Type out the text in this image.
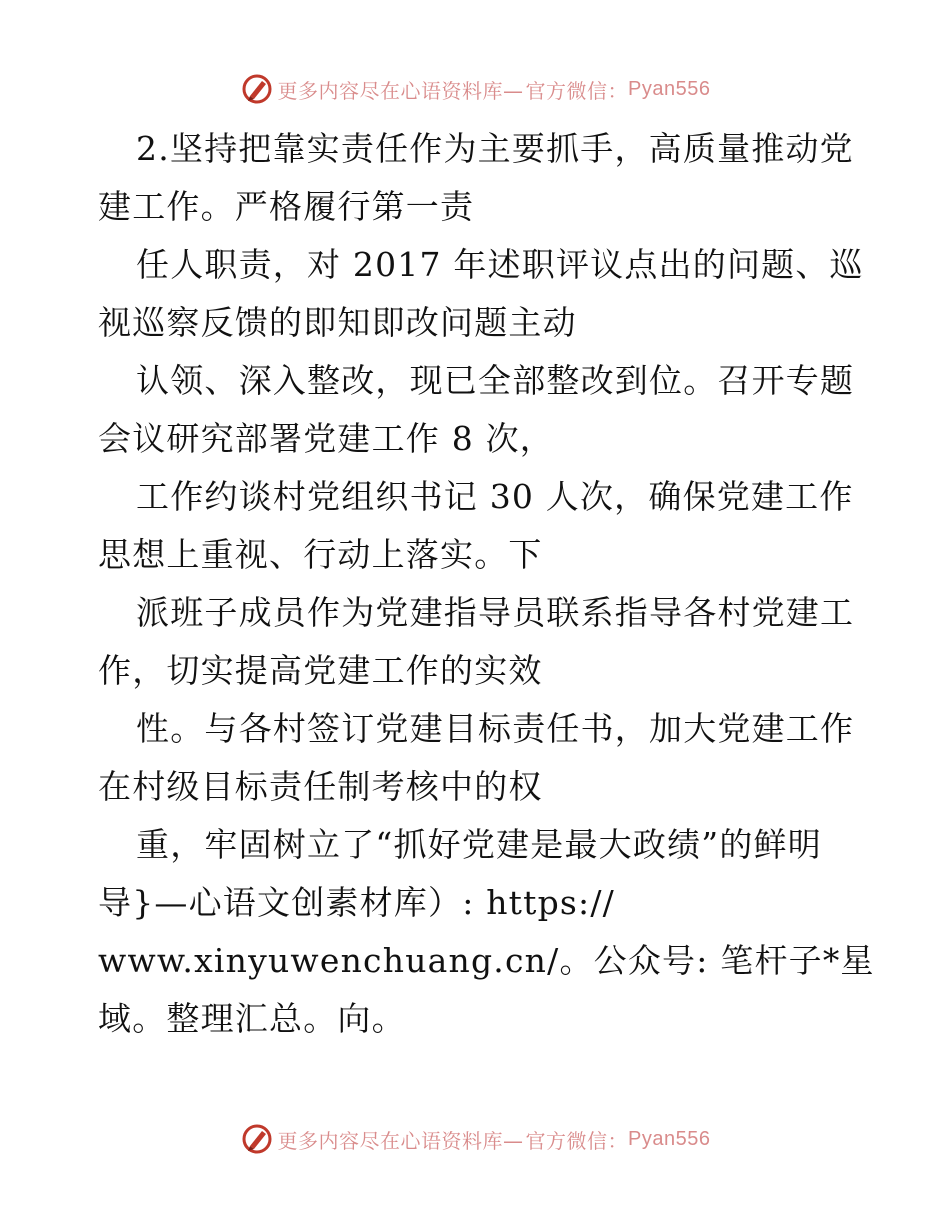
更多内容尽在心语资料库— 官方微信： Pyan556
2.坚持把靠实责任作为主要抓手，高质量推动党
建工作。严格履行第一责
任人职责，对 2017 年述职评议点出的问题、巡
视巡察反馈的即知即改问题主动
认领、深入整改，现已全部整改到位。召开专题
会议研究部署党建工作 8 次，
工作约谈村党组织书记 30 人次，确保党建工作
思想上重视、行动上落实。下
派班子成员作为党建指导员联系指导各村党建工
作，切实提高党建工作的实效
性。与各村签订党建目标责任书，加大党建工作
在村级目标责任制考核中的权
重，牢固树立了“抓好党建是最大政绩”的鲜明
导}—心语文创素材库）: https://
www.xinyuwenchuang.cn/。公众号: 笔杆子*星
域。整理汇总。向。
更多内容尽在心语资料库— 官方微信： Pyan556
